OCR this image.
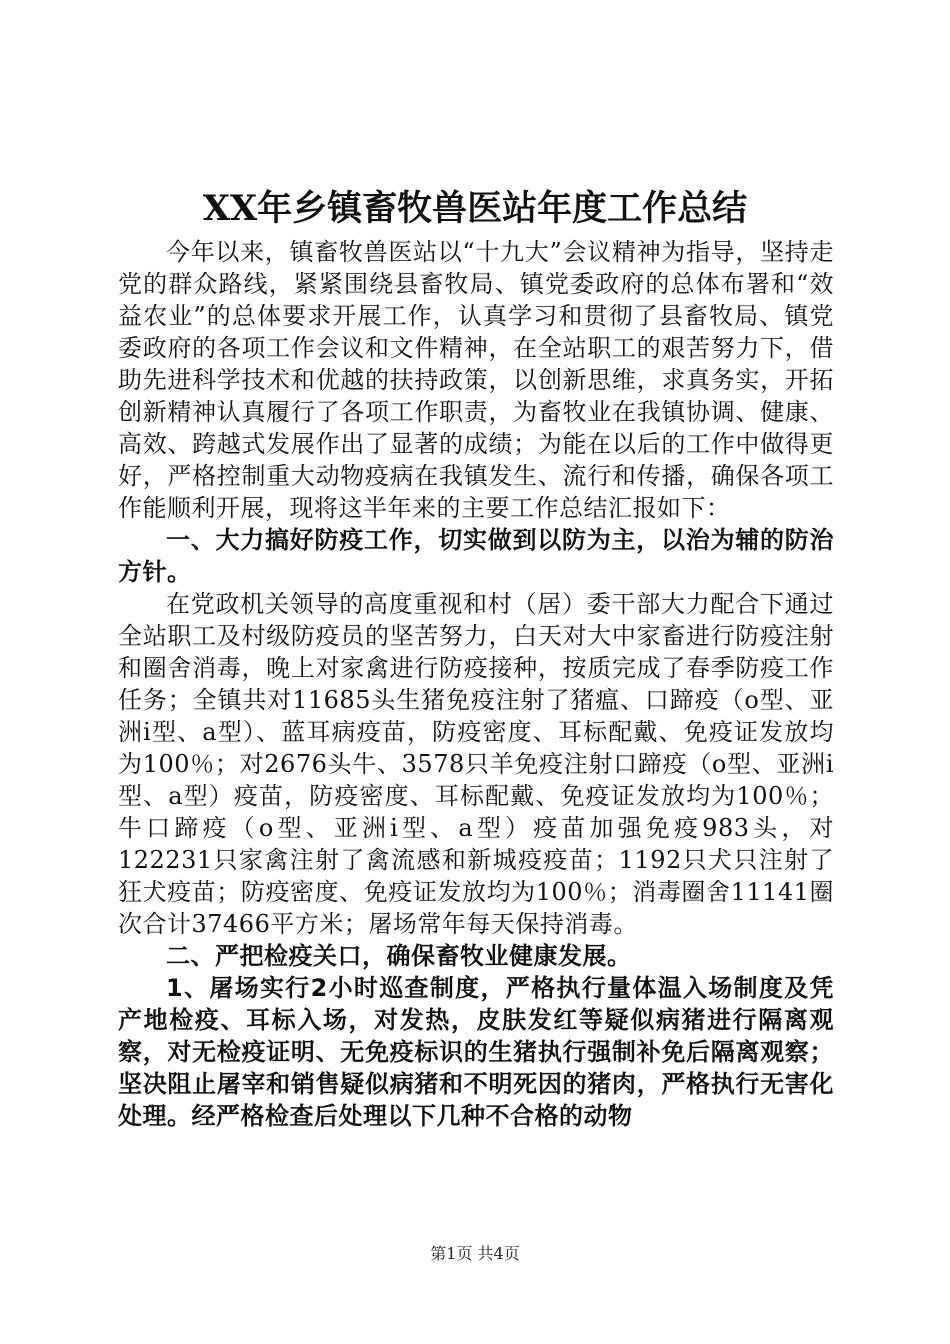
XX年乡镇畜牧兽医站年度工作总结

今年以来，镇畜牧兽医站以“十九大”会议精神为指导，坚持走党的群众路线，紧紧围绕县畜牧局、镇党委政府的总体布署和“效益农业”的总体要求开展工作，认真学习和贯彻了县畜牧局、镇党委政府的各项工作会议和文件精神，在全站职工的艰苦努力下，借助先进科学技术和优越的扶持政策，以创新思维，求真务实，开拓创新精神认真履行了各项工作职责，为畜牧业在我镇协调、健康、高效、跨越式发展作出了显著的成绩；为能在以后的工作中做得更好，严格控制重大动物疫病在我镇发生、流行和传播，确保各项工作能顺利开展，现将这半年来的主要工作总结汇报如下：

一、大力搞好防疫工作，切实做到以防为主，以治为辅的防治方针。

在党政机关领导的高度重视和村（居）委干部大力配合下通过全站职工及村级防疫员的坚苦努力，白天对大中家畜进行防疫注射和圈舍消毒，晚上对家禽进行防疫接种，按质完成了春季防疫工作任务；全镇共对11685头生猪免疫注射了猪瘟、口蹄疫（o型、亚洲ⅰ型、a型）、蓝耳病疫苗，防疫密度、耳标配戴、免疫证发放均为100％；对2676头牛、3578只羊免疫注射口蹄疫（o型、亚洲ⅰ型、a型）疫苗，防疫密度、耳标配戴、免疫证发放均为100％；牛口蹄疫（o型、亚洲ⅰ型、a型）疫苗加强免疫983头，对122231只家禽注射了禽流感和新城疫疫苗；1192只犬只注射了狂犬疫苗；防疫密度、免疫证发放均为100％；消毒圈舍11141圈次合计37466平方米；屠场常年每天保持消毒。

二、严把检疫关口，确保畜牧业健康发展。

1、屠场实行2小时巡查制度，严格执行量体温入场制度及凭产地检疫、耳标入场，对发热，皮肤发红等疑似病猪进行隔离观察，对无检疫证明、无免疫标识的生猪执行强制补免后隔离观察；坚决阻止屠宰和销售疑似病猪和不明死因的猪肉，严格执行无害化处理。经严格检查后处理以下几种不合格的动物

第1页 共4页
